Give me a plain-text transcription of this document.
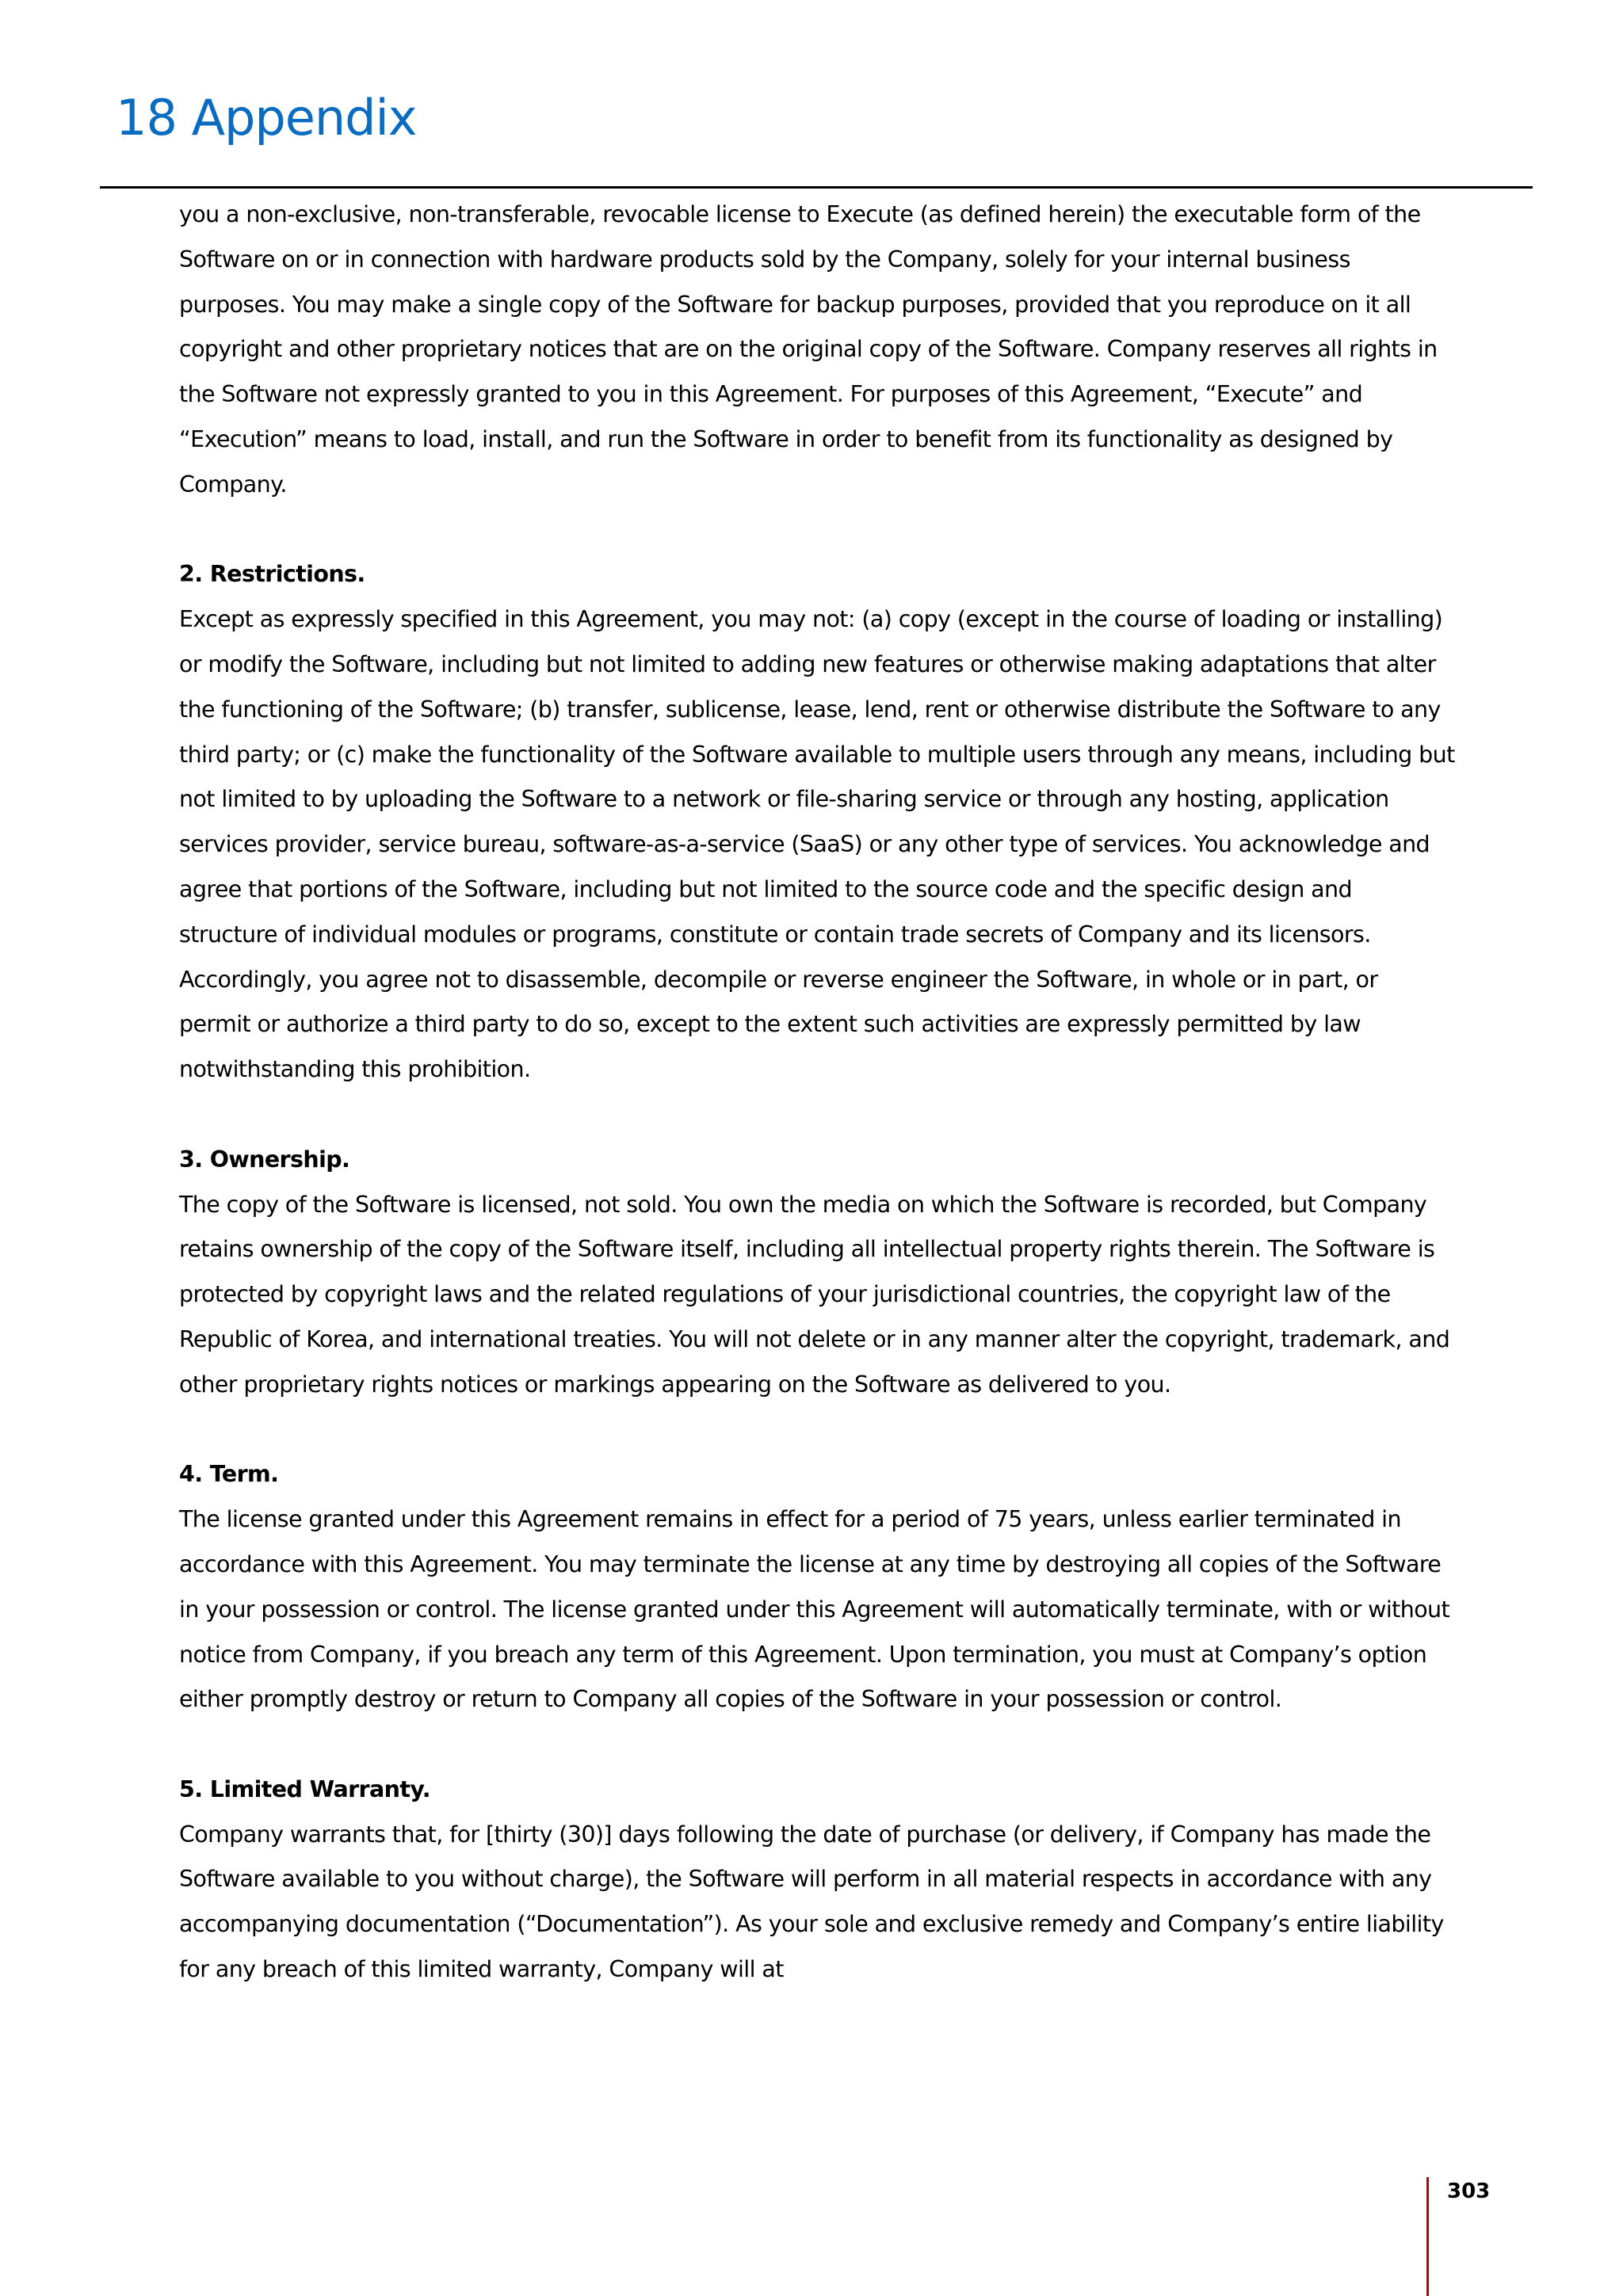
18 Appendix

you a non-exclusive, non-transferable, revocable license to Execute (as defined herein) the executable form of the Software on or in connection with hardware products sold by the Company, solely for your internal business purposes. You may make a single copy of the Software for backup purposes, provided that you reproduce on it all copyright and other proprietary notices that are on the original copy of the Software. Company reserves all rights in the Software not expressly granted to you in this Agreement. For purposes of this Agreement, “Execute” and “Execution” means to load, install, and run the Software in order to benefit from its functionality as designed by Company.

2. Restrictions.

Except as expressly specified in this Agreement, you may not: (a) copy (except in the course of loading or installing) or modify the Software, including but not limited to adding new features or otherwise making adaptations that alter the functioning of the Software; (b) transfer, sublicense, lease, lend, rent or otherwise distribute the Software to any third party; or (c) make the functionality of the Software available to multiple users through any means, including but not limited to by uploading the Software to a network or file-sharing service or through any hosting, application services provider, service bureau, software-as-a-service (SaaS) or any other type of services. You acknowledge and agree that portions of the Software, including but not limited to the source code and the specific design and structure of individual modules or programs, constitute or contain trade secrets of Company and its licensors. Accordingly, you agree not to disassemble, decompile or reverse engineer the Software, in whole or in part, or permit or authorize a third party to do so, except to the extent such activities are expressly permitted by law notwithstanding this prohibition.

3. Ownership.

The copy of the Software is licensed, not sold. You own the media on which the Software is recorded, but Company retains ownership of the copy of the Software itself, including all intellectual property rights therein. The Software is protected by copyright laws and the related regulations of your jurisdictional countries, the copyright law of the Republic of Korea, and international treaties. You will not delete or in any manner alter the copyright, trademark, and other proprietary rights notices or markings appearing on the Software as delivered to you.

4. Term.

The license granted under this Agreement remains in effect for a period of 75 years, unless earlier terminated in accordance with this Agreement. You may terminate the license at any time by destroying all copies of the Software in your possession or control. The license granted under this Agreement will automatically terminate, with or without notice from Company, if you breach any term of this Agreement. Upon termination, you must at Company’s option either promptly destroy or return to Company all copies of the Software in your possession or control.

5. Limited Warranty.

Company warrants that, for [thirty (30)] days following the date of purchase (or delivery, if Company has made the Software available to you without charge), the Software will perform in all material respects in accordance with any accompanying documentation (“Documentation”). As your sole and exclusive remedy and Company’s entire liability for any breach of this limited warranty, Company will at

303
